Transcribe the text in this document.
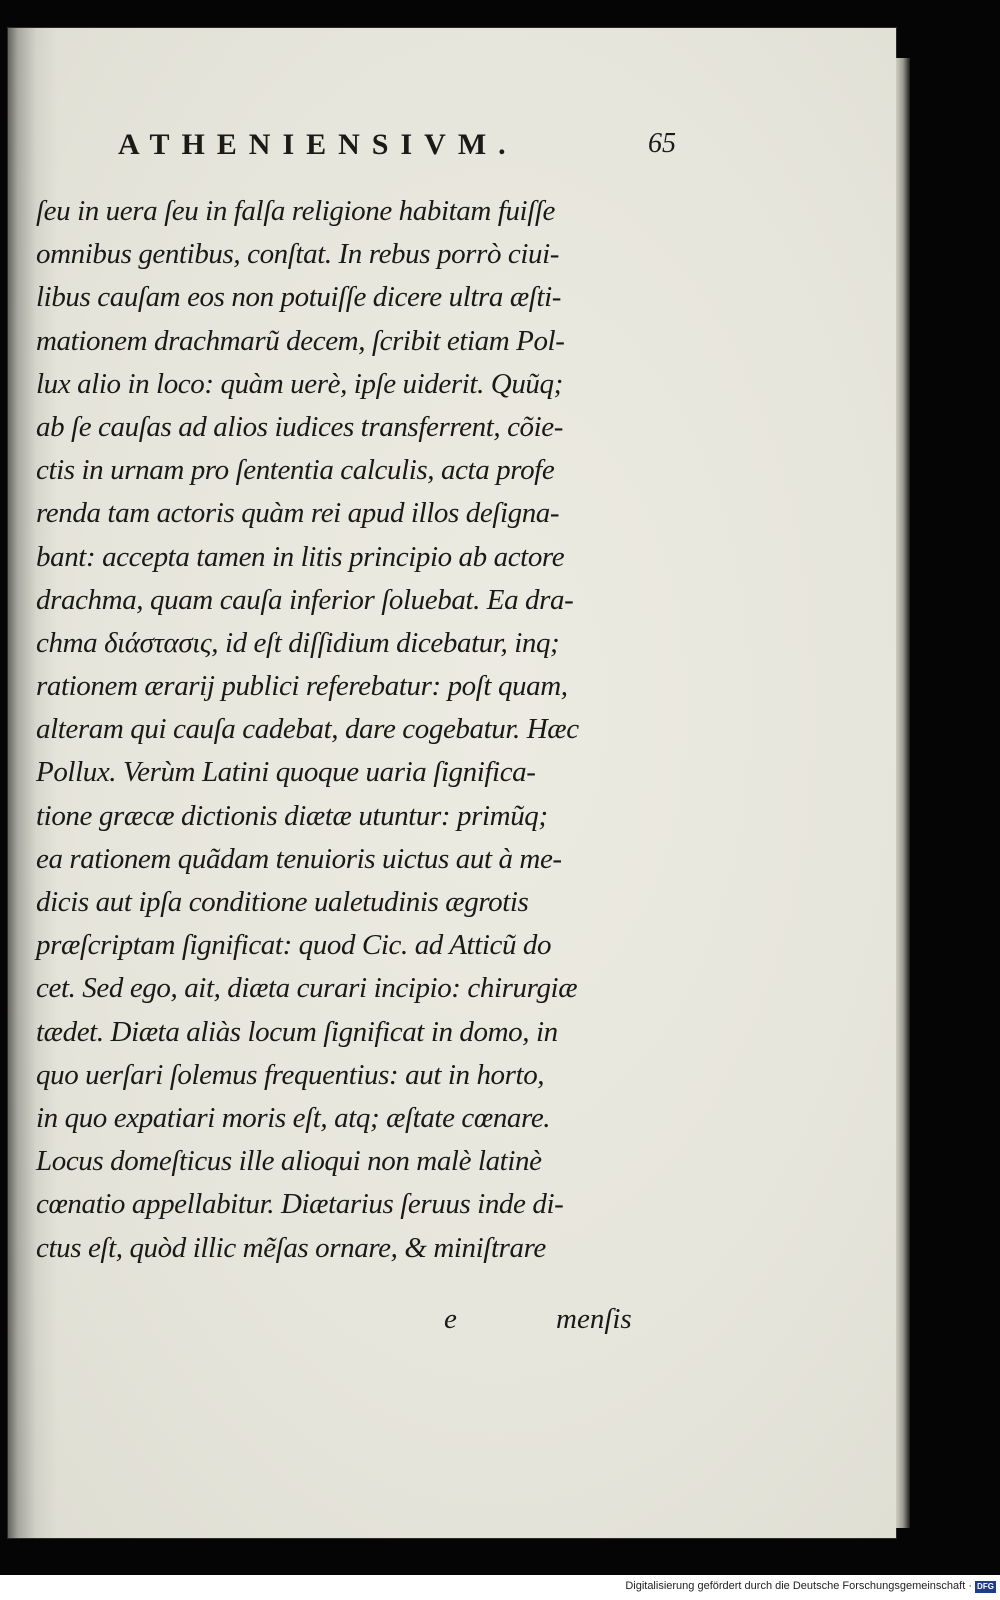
ATHENIENSIVM.	65
ſeu in uera ſeu in falſa religione habitam fuiſſe
omnibus gentibus, conſtat. In rebus porrò ciui-
libus cauſam eos non potuiſſe dicere ultra æſti-
mationem drachmarũ decem, ſcribit etiam Pol-
lux alio in loco: quàm uerè, ipſe uiderit. Quũq;
ab ſe cauſas ad alios iudices transferrent, cõie-
ctis in urnam pro ſententia calculis, acta profe
renda tam actoris quàm rei apud illos deſigna-
bant: accepta tamen in litis principio ab actore
drachma, quam cauſa inferior ſoluebat. Ea dra-
chma διάστασις, id eſt diſſidium dicebatur, inq;
rationem ærarij publici referebatur: poſt quam,
alteram qui cauſa cadebat, dare cogebatur. Hæc
Pollux. Verùm Latini quoque uaria ſignifica-
tione græcæ dictionis diætæ utuntur: primũq;
ea rationem quãdam tenuioris uictus aut à me-
dicis aut ipſa conditione ualetudinis ægrotis
præſcriptam ſignificat: quod Cic. ad Atticũ do
cet. Sed ego, ait, diæta curari incipio: chirurgiæ
tædet. Diæta aliàs locum ſignificat in domo, in
quo uerſari ſolemus frequentius: aut in horto,
in quo expatiari moris eſt, atq; æſtate cœnare.
Locus domeſticus ille alioqui non malè latinè
cœnatio appellabitur. Diætarius ſeruus inde di-
ctus eſt, quòd illic mẽſas ornare, & miniſtrare
e	menſis
Digitalisierung gefördert durch die Deutsche Forschungsgemeinschaft · DFG
